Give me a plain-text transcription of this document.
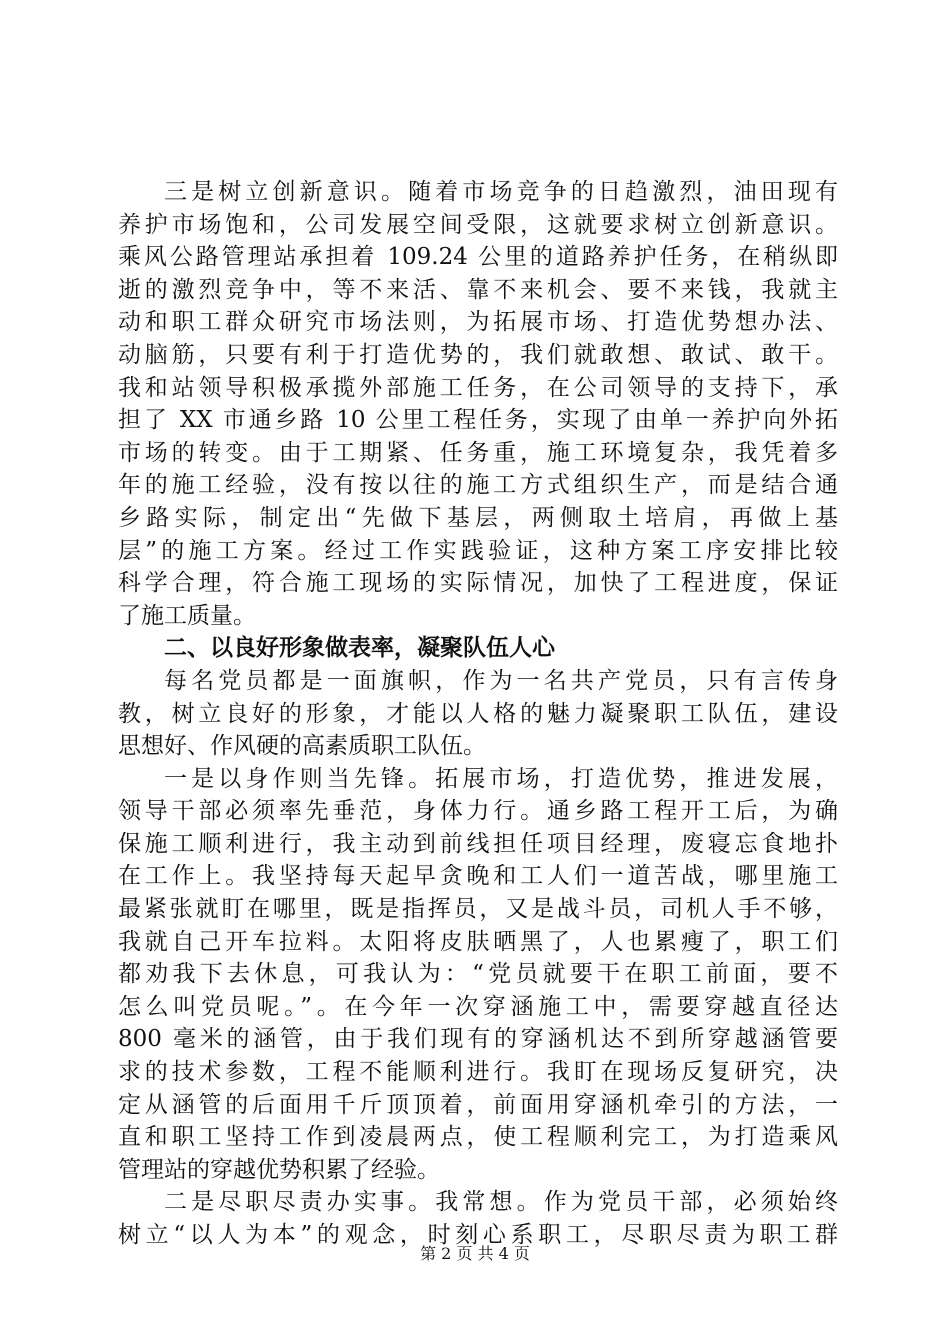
三是树立创新意识。随着市场竞争的日趋激烈，油田现有
养护市场饱和，公司发展空间受限，这就要求树立创新意识。
乘风公路管理站承担着 109.24 公里的道路养护任务，在稍纵即
逝的激烈竞争中，等不来活、靠不来机会、要不来钱，我就主
动和职工群众研究市场法则，为拓展市场、打造优势想办法、
动脑筋，只要有利于打造优势的，我们就敢想、敢试、敢干。
我和站领导积极承揽外部施工任务，在公司领导的支持下，承
担了 XX 市通乡路 10 公里工程任务，实现了由单一养护向外拓
市场的转变。由于工期紧、任务重，施工环境复杂，我凭着多
年的施工经验，没有按以往的施工方式组织生产，而是结合通
乡路实际，制定出“先做下基层，两侧取土培肩，再做上基
层”的施工方案。经过工作实践验证，这种方案工序安排比较
科学合理，符合施工现场的实际情况，加快了工程进度，保证
了施工质量。
二、以良好形象做表率，凝聚队伍人心
每名党员都是一面旗帜，作为一名共产党员，只有言传身
教，树立良好的形象，才能以人格的魅力凝聚职工队伍，建设
思想好、作风硬的高素质职工队伍。
一是以身作则当先锋。拓展市场，打造优势，推进发展，
领导干部必须率先垂范，身体力行。通乡路工程开工后，为确
保施工顺利进行，我主动到前线担任项目经理，废寝忘食地扑
在工作上。我坚持每天起早贪晚和工人们一道苦战，哪里施工
最紧张就盯在哪里，既是指挥员，又是战斗员，司机人手不够，
我就自己开车拉料。太阳将皮肤晒黑了，人也累瘦了，职工们
都劝我下去休息，可我认为：“党员就要干在职工前面，要不
怎么叫党员呢。”。在今年一次穿涵施工中，需要穿越直径达
800 毫米的涵管，由于我们现有的穿涵机达不到所穿越涵管要
求的技术参数，工程不能顺利进行。我盯在现场反复研究，决
定从涵管的后面用千斤顶顶着，前面用穿涵机牵引的方法，一
直和职工坚持工作到凌晨两点，使工程顺利完工，为打造乘风
管理站的穿越优势积累了经验。
二是尽职尽责办实事。我常想。作为党员干部，必须始终
树立“以人为本”的观念，时刻心系职工，尽职尽责为职工群
第 2 页 共 4 页
